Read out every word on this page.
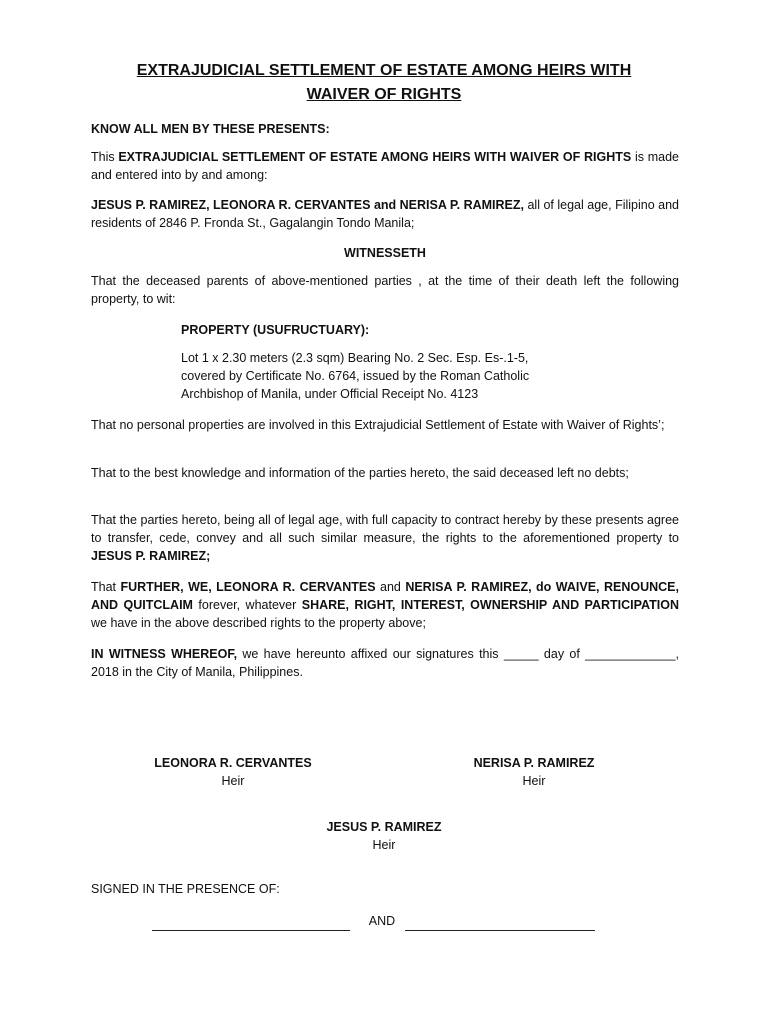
EXTRAJUDICIAL SETTLEMENT OF ESTATE AMONG HEIRS WITH
WAIVER OF RIGHTS
KNOW ALL MEN BY THESE PRESENTS:
This EXTRAJUDICIAL SETTLEMENT OF ESTATE AMONG HEIRS WITH WAIVER OF RIGHTS is made and entered into by and among:
JESUS P. RAMIREZ, LEONORA R. CERVANTES and NERISA P. RAMIREZ, all of legal age, Filipino and residents of 2846 P. Fronda St., Gagalangin Tondo Manila;
WITNESSETH
That the deceased parents of above-mentioned parties , at the time of their death left the following property, to wit:
PROPERTY (USUFRUCTUARY):
Lot 1 x 2.30 meters (2.3 sqm) Bearing No. 2 Sec. Esp. Es-.1-5,
covered by Certificate No. 6764, issued by the Roman Catholic
Archbishop of Manila, under Official Receipt No. 4123
That no personal properties are involved in this Extrajudicial Settlement of Estate with Waiver of Rights’;
That to the best knowledge and information of the parties hereto, the said deceased left no debts;
That the parties hereto, being all of legal age, with full capacity to contract hereby by these presents agree to transfer, cede, convey and all such similar measure, the rights to the aforementioned property to JESUS P. RAMIREZ;
That FURTHER, WE, LEONORA R. CERVANTES and NERISA P. RAMIREZ, do WAIVE, RENOUNCE, AND QUITCLAIM forever, whatever SHARE, RIGHT, INTEREST, OWNERSHIP AND PARTICIPATION we have in the above described rights to the property above;
IN WITNESS WHEREOF, we have hereunto affixed our signatures this _____ day of _____________, 2018 in the City of Manila, Philippines.
LEONORA R. CERVANTES
Heir
NERISA P. RAMIREZ
Heir
JESUS P. RAMIREZ
Heir
SIGNED IN THE PRESENCE OF:
AND
